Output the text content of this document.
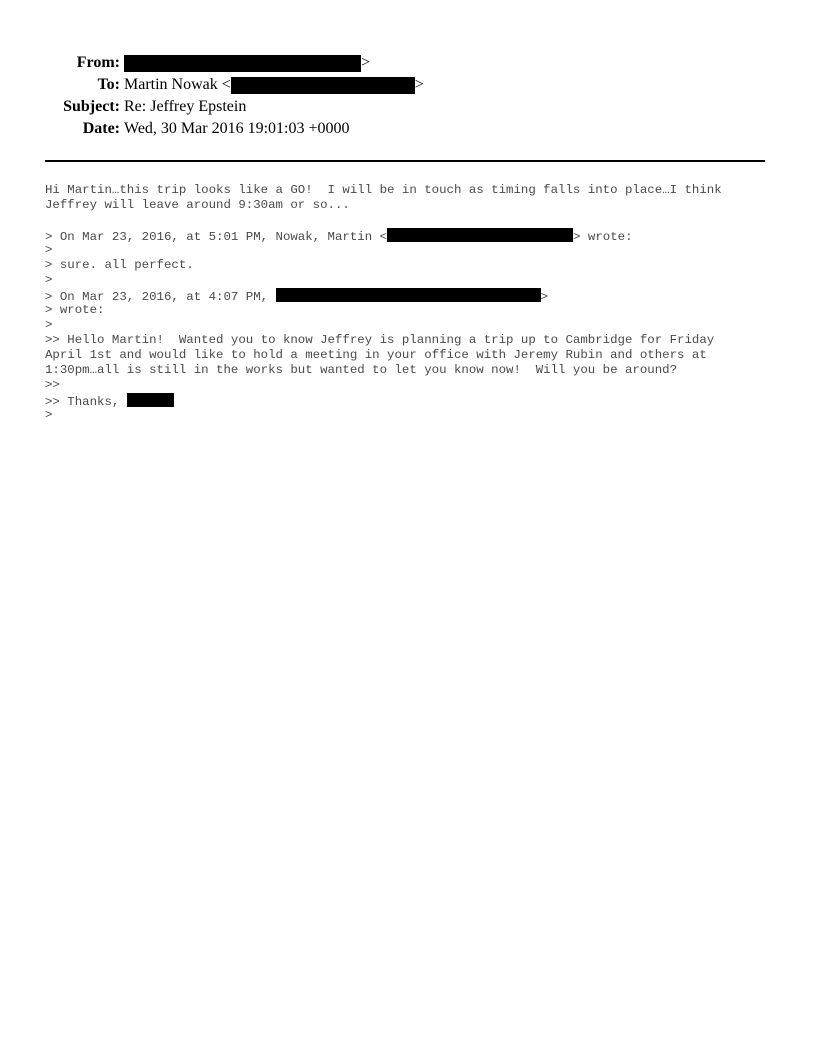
From:	>
To: Martin Nowak <	>
Subject: Re: Jeffrey Epstein
Date: Wed, 30 Mar 2016 19:01:03 +0000
Hi Martin…this trip looks like a GO!  I will be in touch as timing falls into place…I think
Jeffrey will leave around 9:30am or so...
> On Mar 23, 2016, at 5:01 PM, Nowak, Martin <	> wrote:
>
> sure. all perfect.
>
> On Mar 23, 2016, at 4:07 PM,	>
> wrote:
>
>> Hello Martin!  Wanted you to know Jeffrey is planning a trip up to Cambridge for Friday
April 1st and would like to hold a meeting in your office with Jeremy Rubin and others at
1:30pm…all is still in the works but wanted to let you know now!  Will you be around?
>>
>> Thanks,
>
